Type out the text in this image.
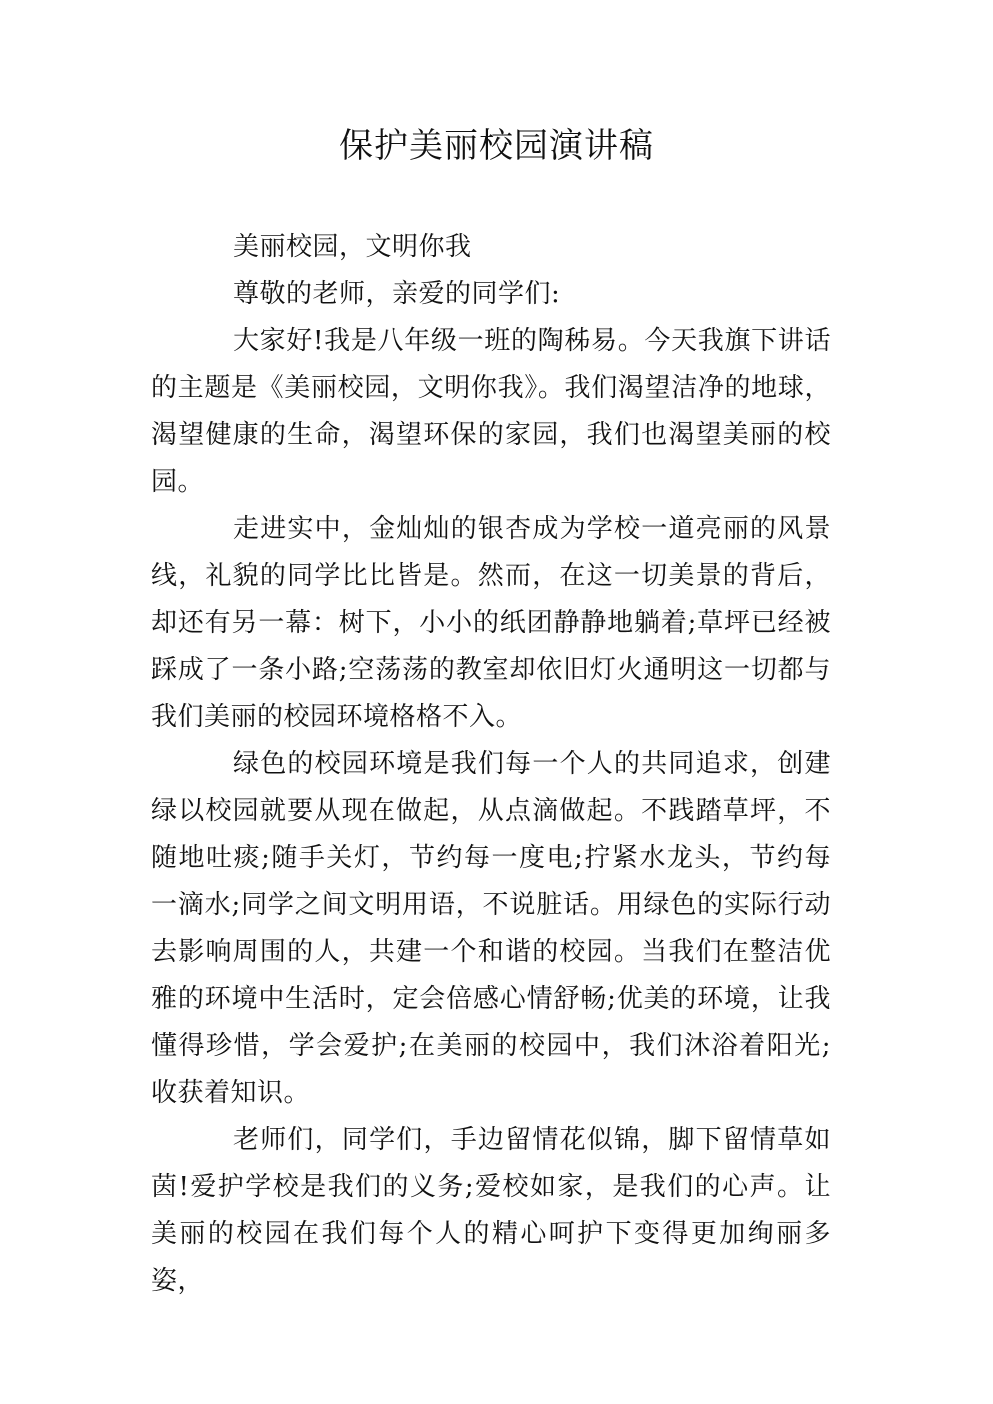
保护美丽校园演讲稿

美丽校园，文明你我

尊敬的老师，亲爱的同学们:

大家好!我是八年级一班的陶秭易。今天我旗下讲话的主题是《美丽校园，文明你我》。我们渴望洁净的地球，渴望健康的生命，渴望环保的家园，我们也渴望美丽的校园。

走进实中，金灿灿的银杏成为学校一道亮丽的风景线，礼貌的同学比比皆是。然而，在这一切美景的背后，却还有另一幕：树下，小小的纸团静静地躺着;草坪已经被踩成了一条小路;空荡荡的教室却依旧灯火通明这一切都与我们美丽的校园环境格格不入。

绿色的校园环境是我们每一个人的共同追求，创建绿以校园就要从现在做起，从点滴做起。不践踏草坪，不随地吐痰;随手关灯，节约每一度电;拧紧水龙头，节约每一滴水;同学之间文明用语，不说脏话。用绿色的实际行动去影响周围的人，共建一个和谐的校园。当我们在整洁优雅的环境中生活时，定会倍感心情舒畅;优美的环境，让我懂得珍惜，学会爱护;在美丽的校园中，我们沐浴着阳光;收获着知识。

老师们，同学们，手边留情花似锦，脚下留情草如茵!爱护学校是我们的义务;爱校如家，是我们的心声。让美丽的校园在我们每个人的精心呵护下变得更加绚丽多姿，
